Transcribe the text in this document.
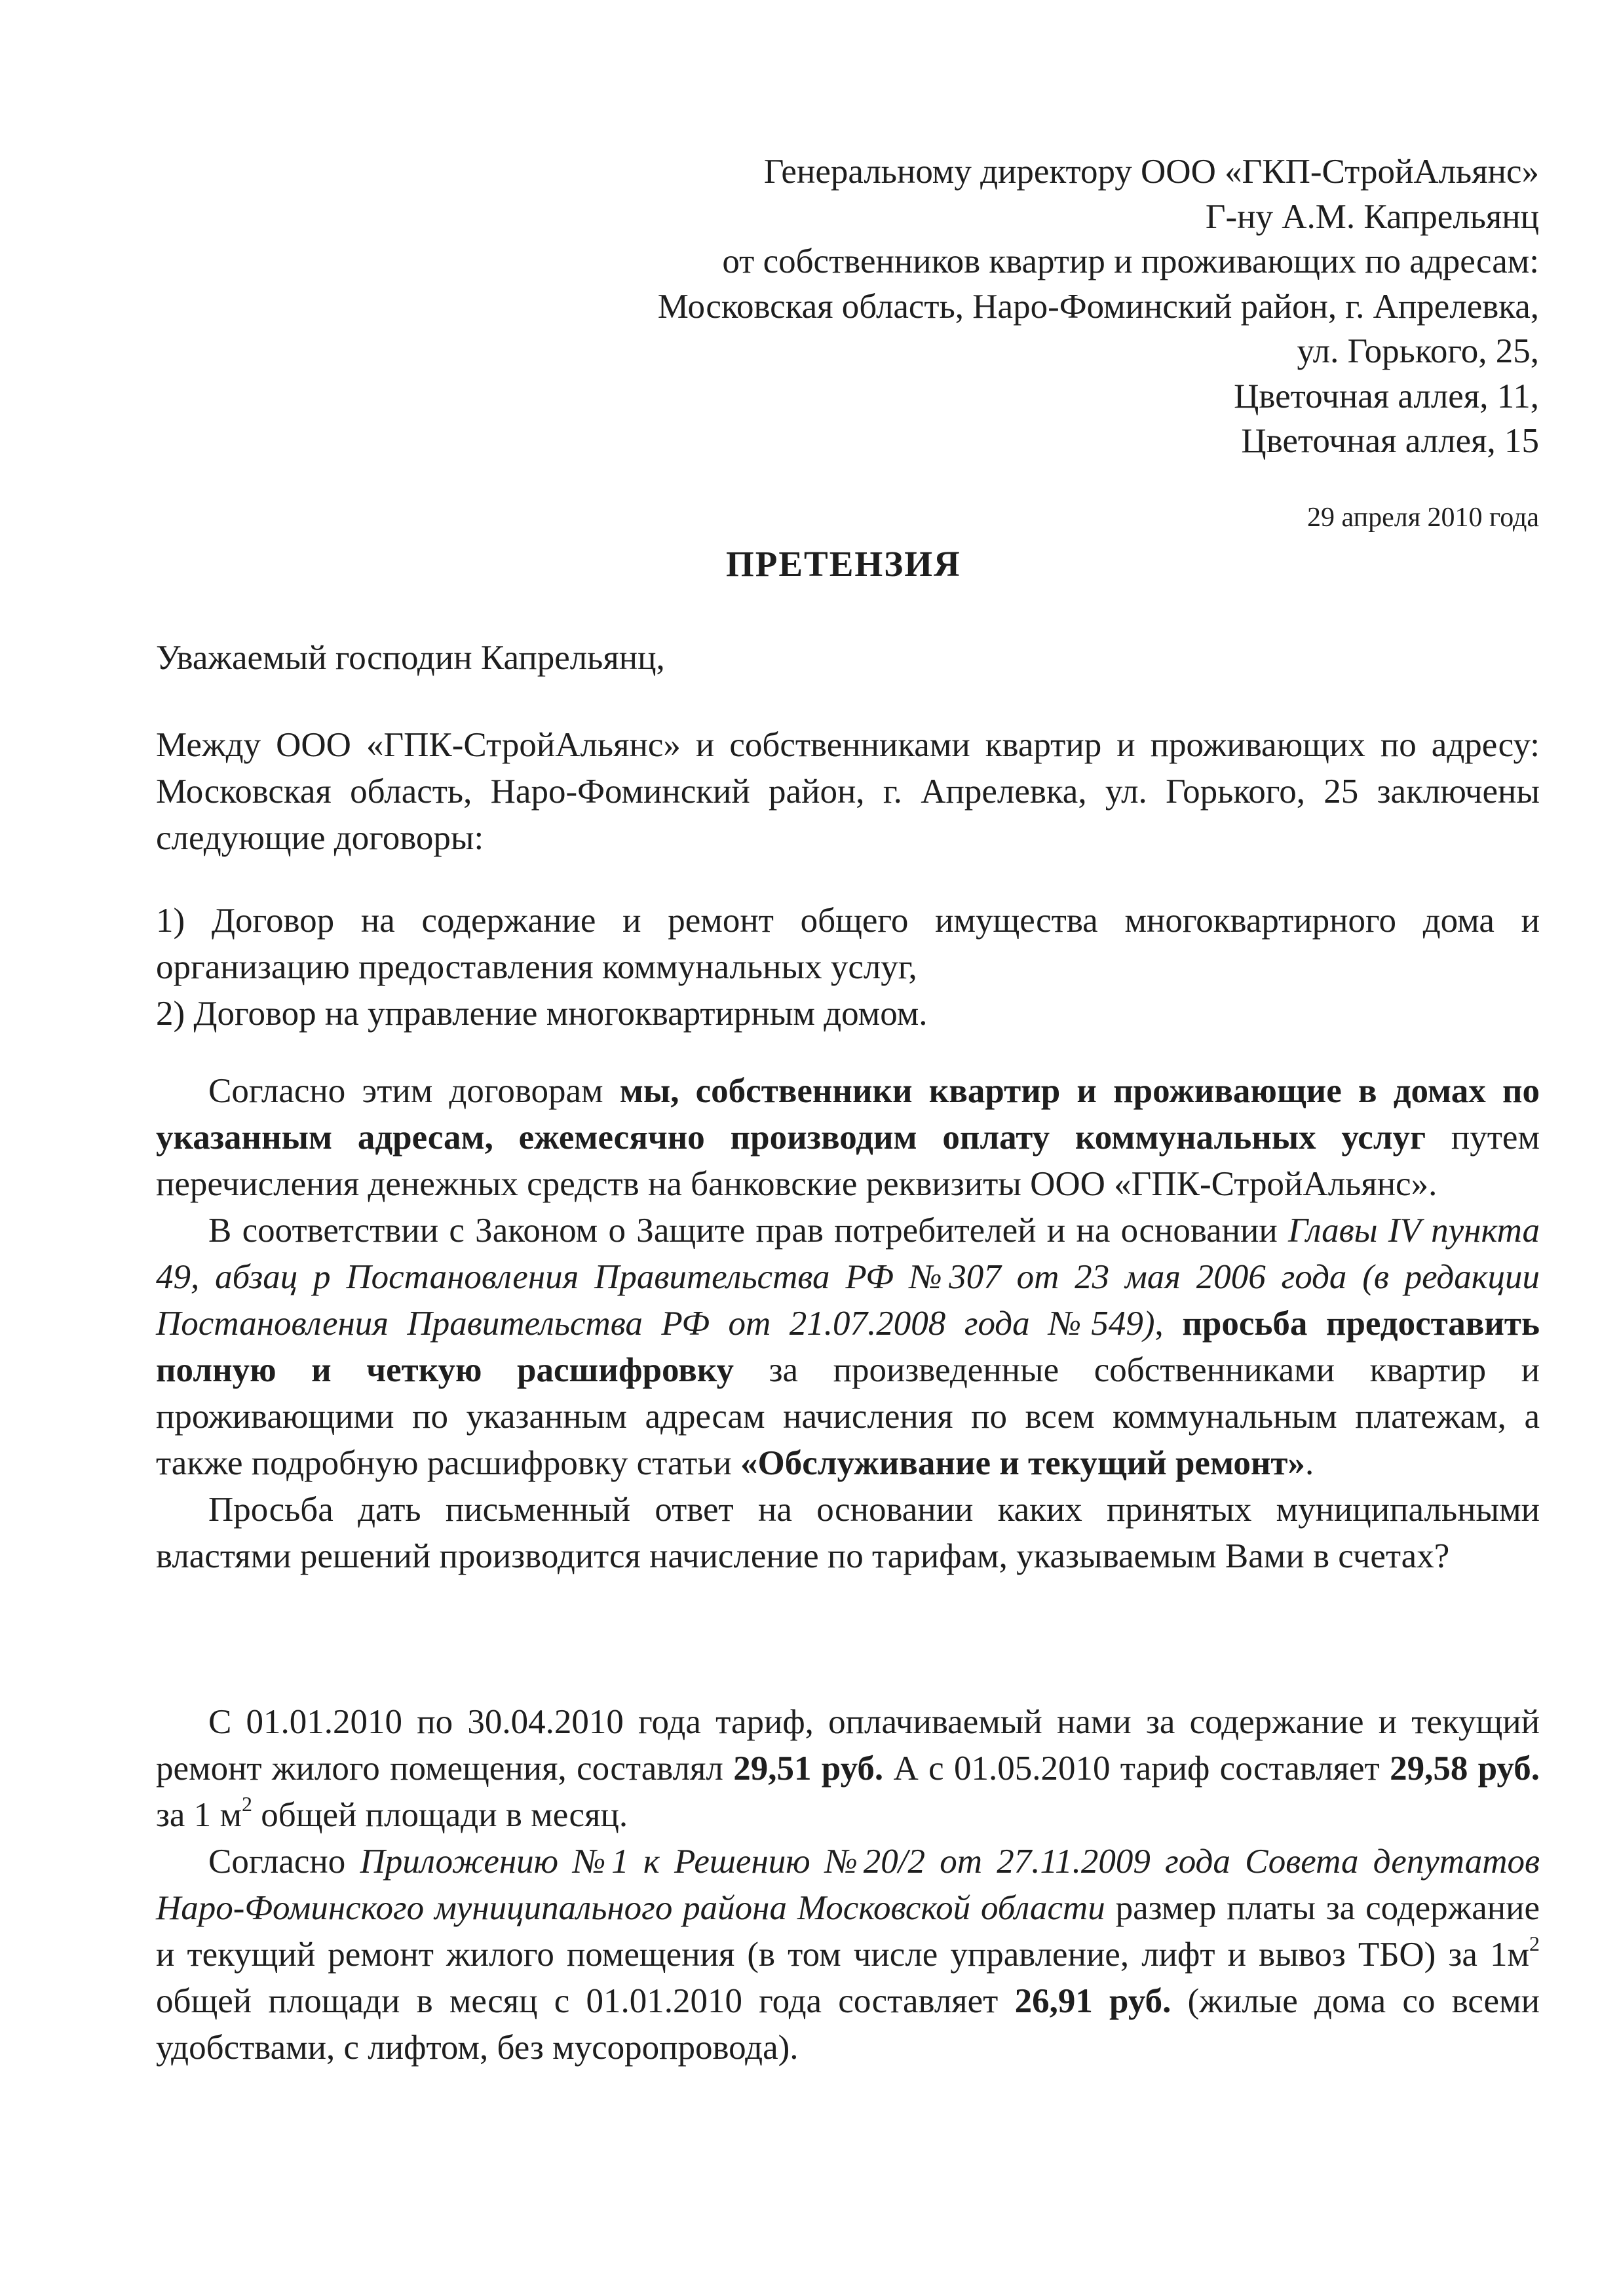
Генеральному директору ООО «ГКП-СтройАльянс»
Г-ну А.М. Капрельянц
от собственников квартир и проживающих по адресам:
Московская область, Наро-Фоминский район, г. Апрелевка,
ул. Горького, 25,
Цветочная аллея, 11,
Цветочная аллея, 15
29 апреля 2010 года
ПРЕТЕНЗИЯ
Уважаемый господин Капрельянц,

Между ООО «ГПК-СтройАльянс» и собственниками квартир и проживающих по адресу: Московская область, Наро-Фоминский район, г. Апрелевка, ул. Горького, 25 заключены следующие договоры:

1) Договор на содержание и ремонт общего имущества многоквартирного дома и организацию предоставления коммунальных услуг,

2) Договор на управление многоквартирным домом.

Согласно этим договорам мы, собственники квартир и проживающие в домах по указанным адресам, ежемесячно производим оплату коммунальных услуг путем перечисления денежных средств на банковские реквизиты ООО «ГПК-СтройАльянс».

В соответствии с Законом о Защите прав потребителей и на основании Главы IV пункта 49, абзац р Постановления Правительства РФ №307 от 23 мая 2006 года (в редакции Постановления Правительства РФ от 21.07.2008 года №549), просьба предоставить полную и четкую расшифровку за произведенные собственниками квартир и проживающими по указанным адресам начисления по всем коммунальным платежам, а также подробную расшифровку статьи «Обслуживание и текущий ремонт».

Просьба дать письменный ответ на основании каких принятых муниципальными властями решений производится начисление по тарифам, указываемым Вами в счетах?

С 01.01.2010 по 30.04.2010 года тариф, оплачиваемый нами за содержание и текущий ремонт жилого помещения, составлял 29,51 руб. А с 01.05.2010 тариф составляет 29,58 руб. за 1 $м^2$ общей площади в месяц.

Согласно Приложению №1 к Решению №20/2 от 27.11.2009 года Совета депутатов Наро-Фоминского муниципального района Московской области размер платы за содержание и текущий ремонт жилого помещения (в том числе управление, лифт и вывоз ТБО) за $1м^2$ общей площади в месяц с 01.01.2010 года составляет 26,91 руб. (жилые дома со всеми удобствами, с лифтом, без мусоропровода).
